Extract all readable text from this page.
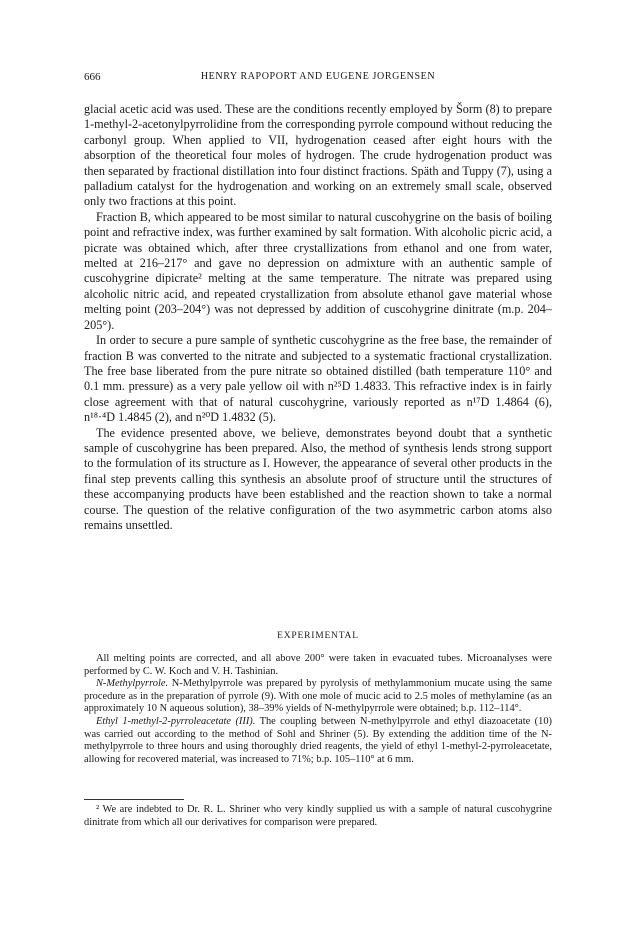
666	HENRY RAPOPORT AND EUGENE JORGENSEN

glacial acetic acid was used. These are the conditions recently employed by Šorm (8) to prepare 1-methyl-2-acetonylpyrrolidine from the corresponding pyrrole compound without reducing the carbonyl group. When applied to VII, hydrogenation ceased after eight hours with the absorption of the theoretical four moles of hydrogen. The crude hydrogenation product was then separated by fractional distillation into four distinct fractions. Späth and Tuppy (7), using a palladium catalyst for the hydrogenation and working on an extremely small scale, observed only two fractions at this point.

Fraction B, which appeared to be most similar to natural cuscohygrine on the basis of boiling point and refractive index, was further examined by salt formation. With alcoholic picric acid, a picrate was obtained which, after three crystallizations from ethanol and one from water, melted at 216–217° and gave no depression on admixture with an authentic sample of cuscohygrine dipicrate² melting at the same temperature. The nitrate was prepared using alcoholic nitric acid, and repeated crystallization from absolute ethanol gave material whose melting point (203–204°) was not depressed by addition of cuscohygrine dinitrate (m.p. 204–205°).

In order to secure a pure sample of synthetic cuscohygrine as the free base, the remainder of fraction B was converted to the nitrate and subjected to a systematic fractional crystallization. The free base liberated from the pure nitrate so obtained distilled (bath temperature 110° and 0.1 mm. pressure) as a very pale yellow oil with n²⁵D 1.4833. This refractive index is in fairly close agreement with that of natural cuscohygrine, variously reported as n¹⁷D 1.4864 (6), n¹⁸·⁴D 1.4845 (2), and n²⁰D 1.4832 (5).

The evidence presented above, we believe, demonstrates beyond doubt that a synthetic sample of cuscohygrine has been prepared. Also, the method of synthesis lends strong support to the formulation of its structure as I. However, the appearance of several other products in the final step prevents calling this synthesis an absolute proof of structure until the structures of these accompanying products have been established and the reaction shown to take a normal course. The question of the relative configuration of the two asymmetric carbon atoms also remains unsettled.

EXPERIMENTAL

All melting points are corrected, and all above 200° were taken in evacuated tubes. Microanalyses were performed by C. W. Koch and V. H. Tashinian.

N-Methylpyrrole. N-Methylpyrrole was prepared by pyrolysis of methylammonium mucate using the same procedure as in the preparation of pyrrole (9). With one mole of mucic acid to 2.5 moles of methylamine (as an approximately 10 N aqueous solution), 38–39% yields of N-methylpyrrole were obtained; b.p. 112–114°.

Ethyl 1-methyl-2-pyrroleacetate (III). The coupling between N-methylpyrrole and ethyl diazoacetate (10) was carried out according to the method of Sohl and Shriner (5). By extending the addition time of the N-methylpyrrole to three hours and using thoroughly dried reagents, the yield of ethyl 1-methyl-2-pyrroleacetate, allowing for recovered material, was increased to 71%; b.p. 105–110° at 6 mm.

² We are indebted to Dr. R. L. Shriner who very kindly supplied us with a sample of natural cuscohygrine dinitrate from which all our derivatives for comparison were prepared.
